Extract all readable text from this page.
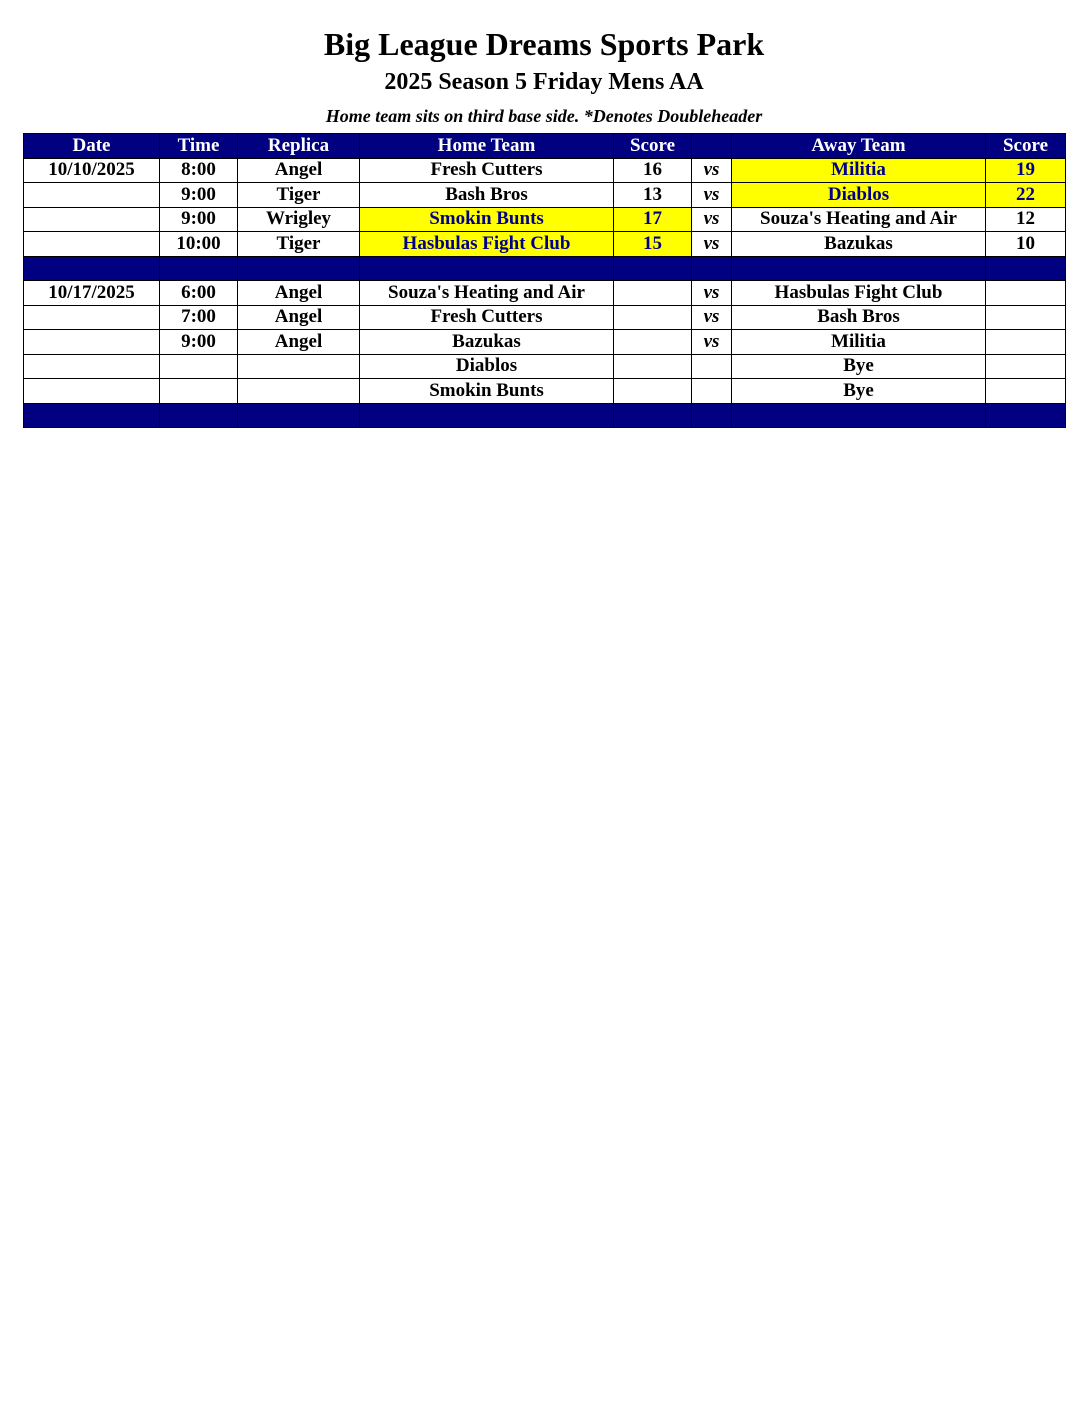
Big League Dreams Sports Park
2025 Season 5 Friday Mens AA
Home team sits on third base side. *Denotes Doubleheader
Date	Time	Replica	Home Team	Score		Away Team	Score
10/10/2025	8:00	Angel	Fresh Cutters	16	vs	Militia	19
	9:00	Tiger	Bash Bros	13	vs	Diablos	22
	9:00	Wrigley	Smokin Bunts	17	vs	Souza's Heating and Air	12
	10:00	Tiger	Hasbulas Fight Club	15	vs	Bazukas	10

10/17/2025	6:00	Angel	Souza's Heating and Air		vs	Hasbulas Fight Club	
	7:00	Angel	Fresh Cutters		vs	Bash Bros	
	9:00	Angel	Bazukas		vs	Militia	
			Diablos			Bye	
			Smokin Bunts			Bye	
